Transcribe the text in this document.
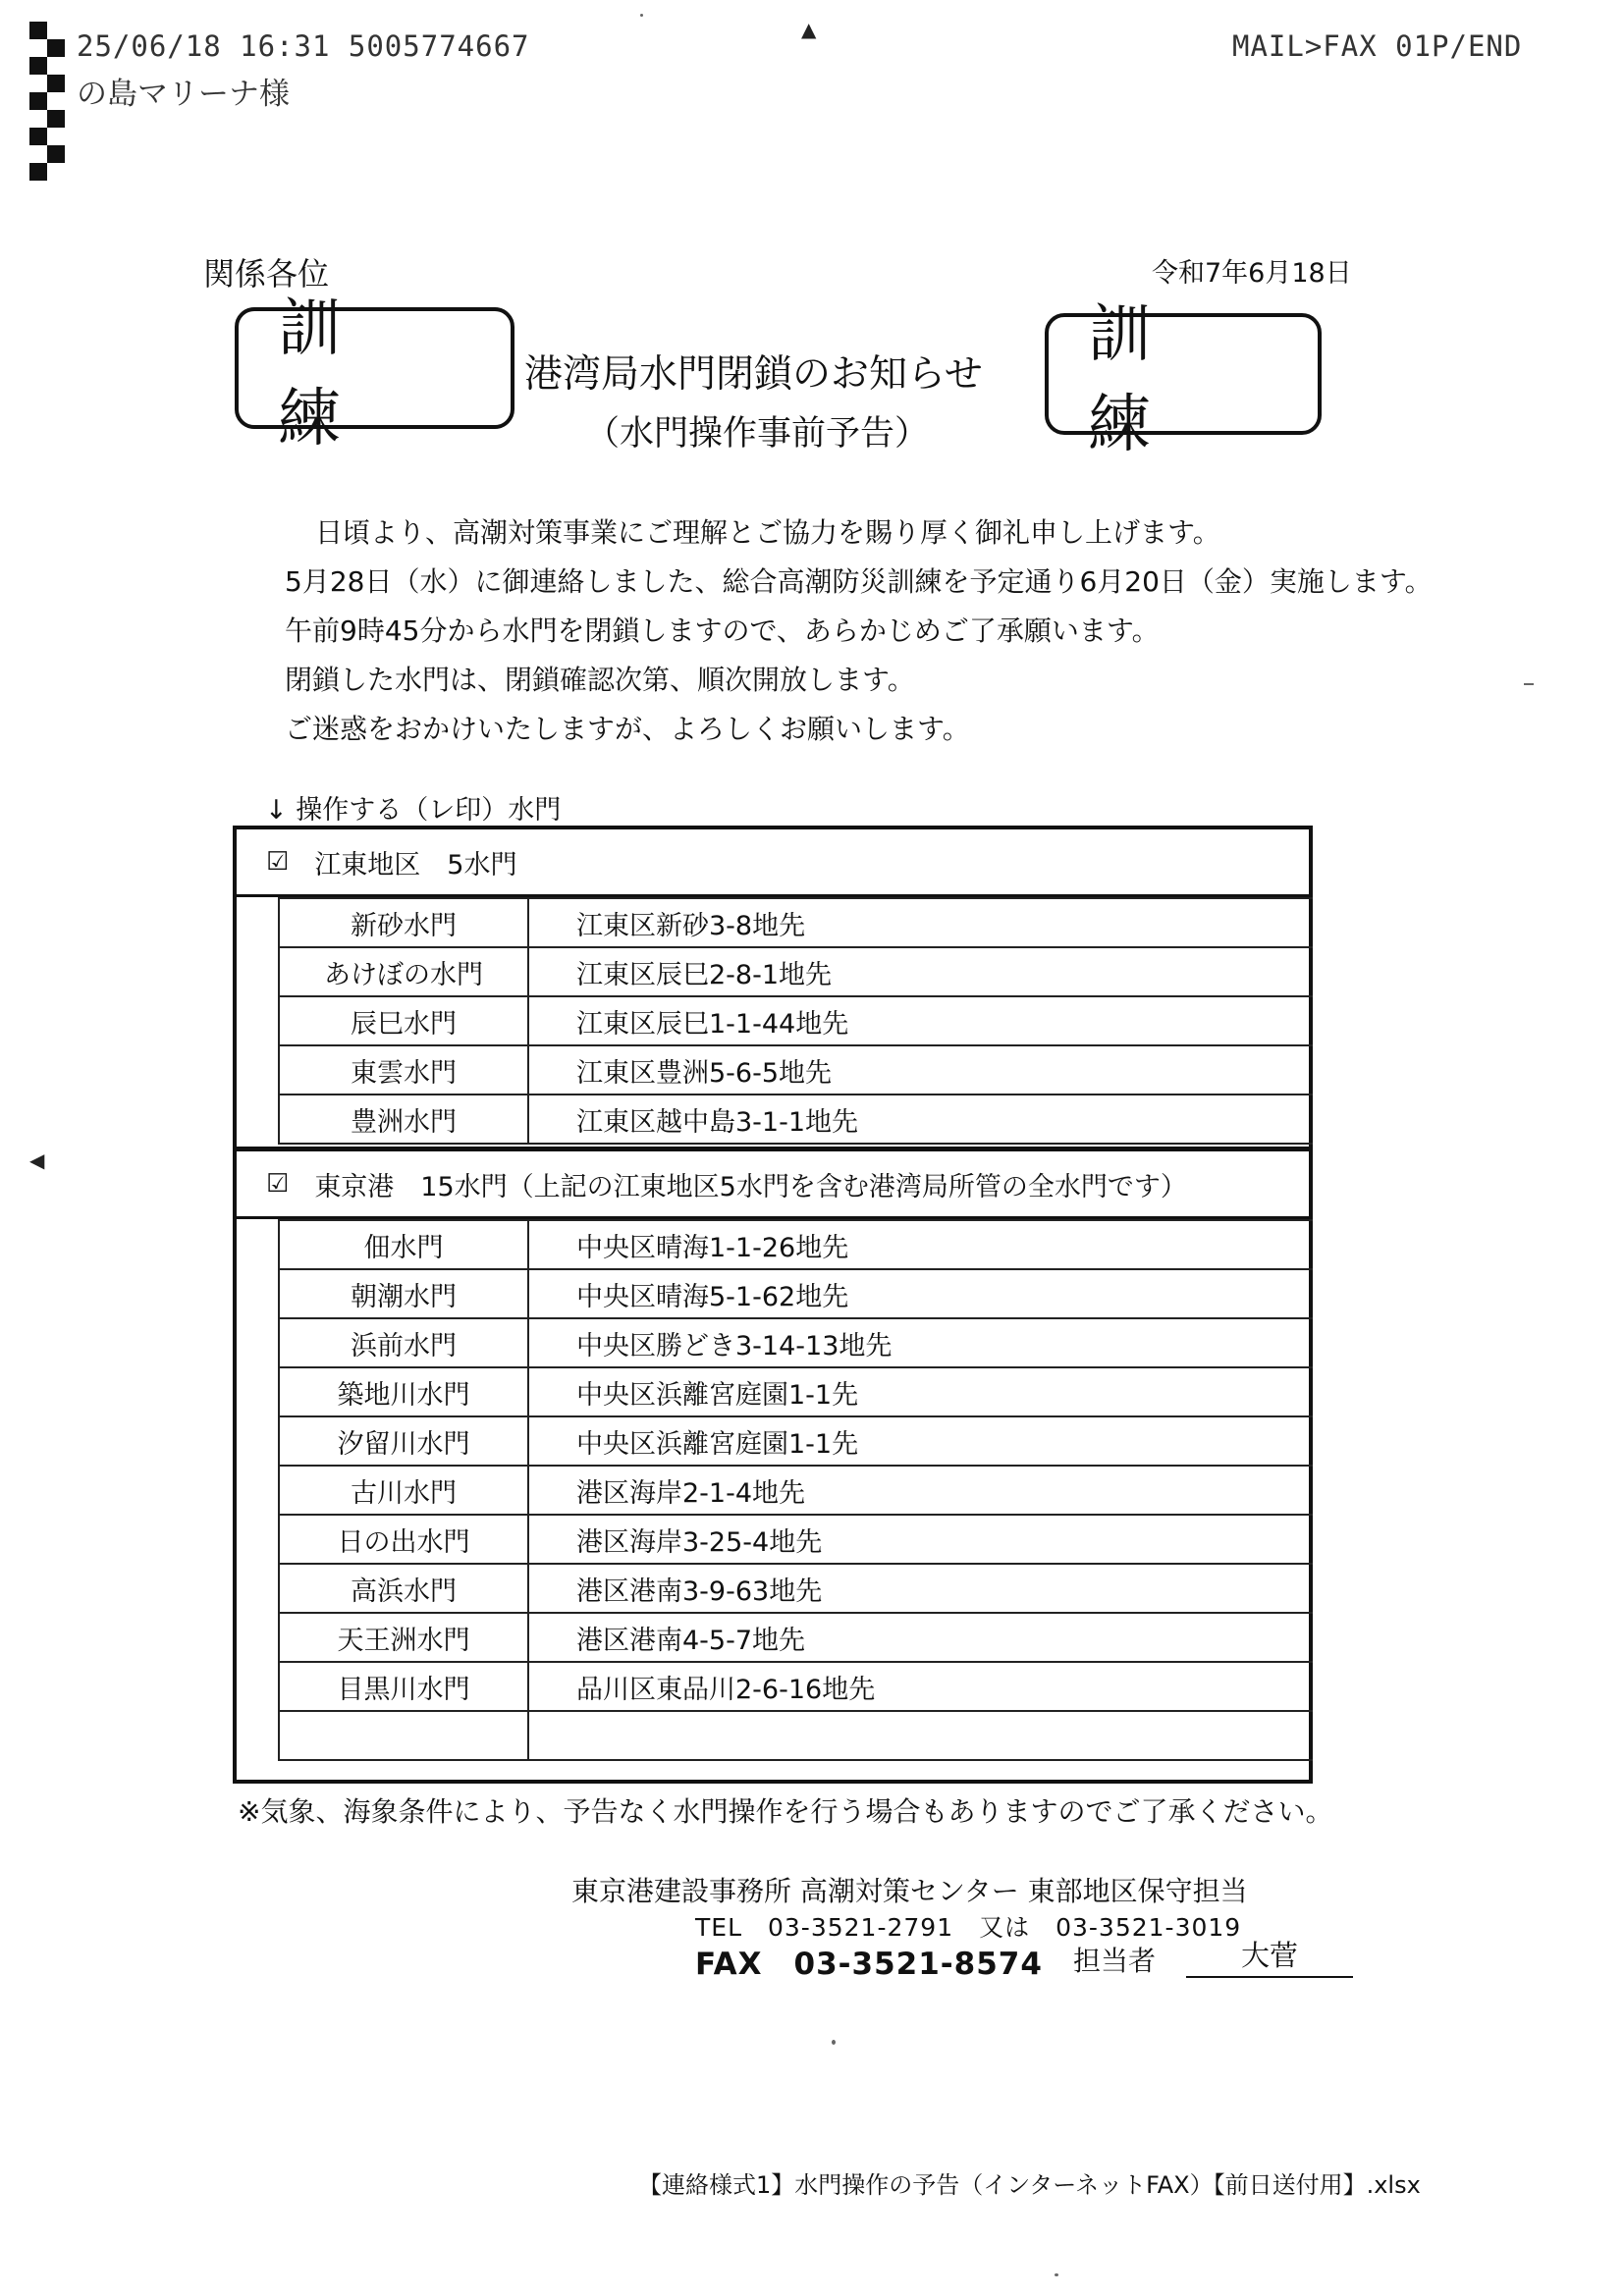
25/06/18 16:31 5005774667
の島マリーナ様
MAIL>FAX 01P/END
▲
◀
関係各位	令和7年6月18日
訓練
訓練
港湾局水門閉鎖のお知らせ
（水門操作事前予告）
日頃より、高潮対策事業にご理解とご協力を賜り厚く御礼申し上げます。
5月28日（水）に御連絡しました、総合高潮防災訓練を予定通り6月20日（金）実施します。
午前9時45分から水門を閉鎖しますので、あらかじめご了承願います。
閉鎖した水門は、閉鎖確認次第、順次開放します。
ご迷惑をおかけいたしますが、よろしくお願いします。
↓ 操作する（レ印）水門
☑ 江東地区　5水門
新砂水門	江東区新砂3-8地先
あけぼの水門	江東区辰巳2-8-1地先
辰巳水門	江東区辰巳1-1-44地先
東雲水門	江東区豊洲5-6-5地先
豊洲水門	江東区越中島3-1-1地先
☑ 東京港　15水門（上記の江東地区5水門を含む港湾局所管の全水門です）
佃水門	中央区晴海1-1-26地先
朝潮水門	中央区晴海5-1-62地先
浜前水門	中央区勝どき3-14-13地先
築地川水門	中央区浜離宮庭園1-1先
汐留川水門	中央区浜離宮庭園1-1先
古川水門	港区海岸2-1-4地先
日の出水門	港区海岸3-25-4地先
高浜水門	港区港南3-9-63地先
天王洲水門	港区港南4-5-7地先
目黒川水門	品川区東品川2-6-16地先

※気象、海象条件により、予告なく水門操作を行う場合もありますのでご了承ください。
東京港建設事務所 高潮対策センター 東部地区保守担当
TEL　03-3521-2791　又は　03-3521-3019
FAX　03-3521-8574 担当者	大菅
【連絡様式1】水門操作の予告（インターネットFAX）【前日送付用】.xlsx
